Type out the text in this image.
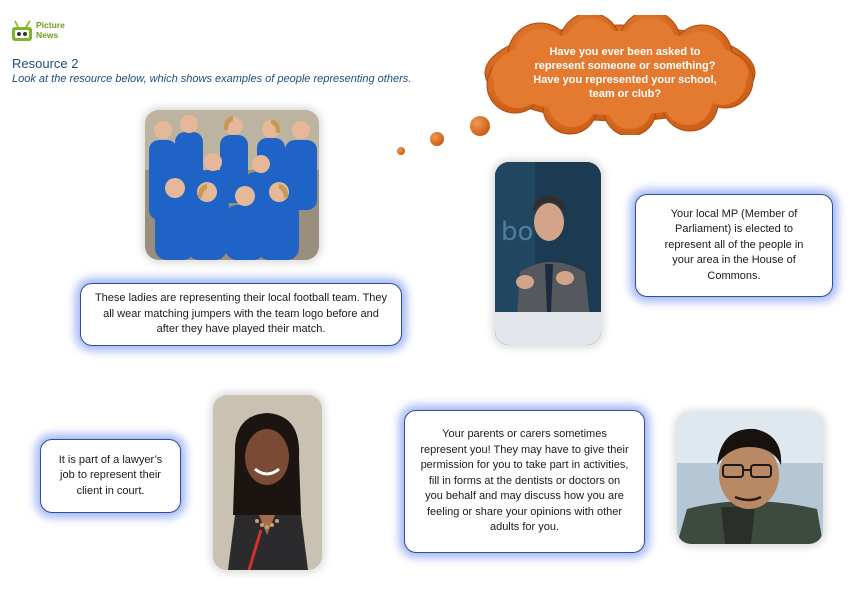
Picture
News
Resource 2
Look at the resource below, which shows examples of people representing others.
Have you ever been asked to represent someone or something? Have you represented your school, team or club?
These ladies are representing their local football team. They all wear matching jumpers with the team logo before and after they have played their match.
bo
Your local MP (Member of Parliament) is elected to represent all of the people in your area in the House of Commons.
It is part of a lawyer’s job to represent their client in court.
Your parents or carers sometimes represent you! They may have to give their permission for you to take part in activities, fill in forms at the dentists or doctors on you behalf and may discuss how you are feeling or share your opinions with other adults for you.
